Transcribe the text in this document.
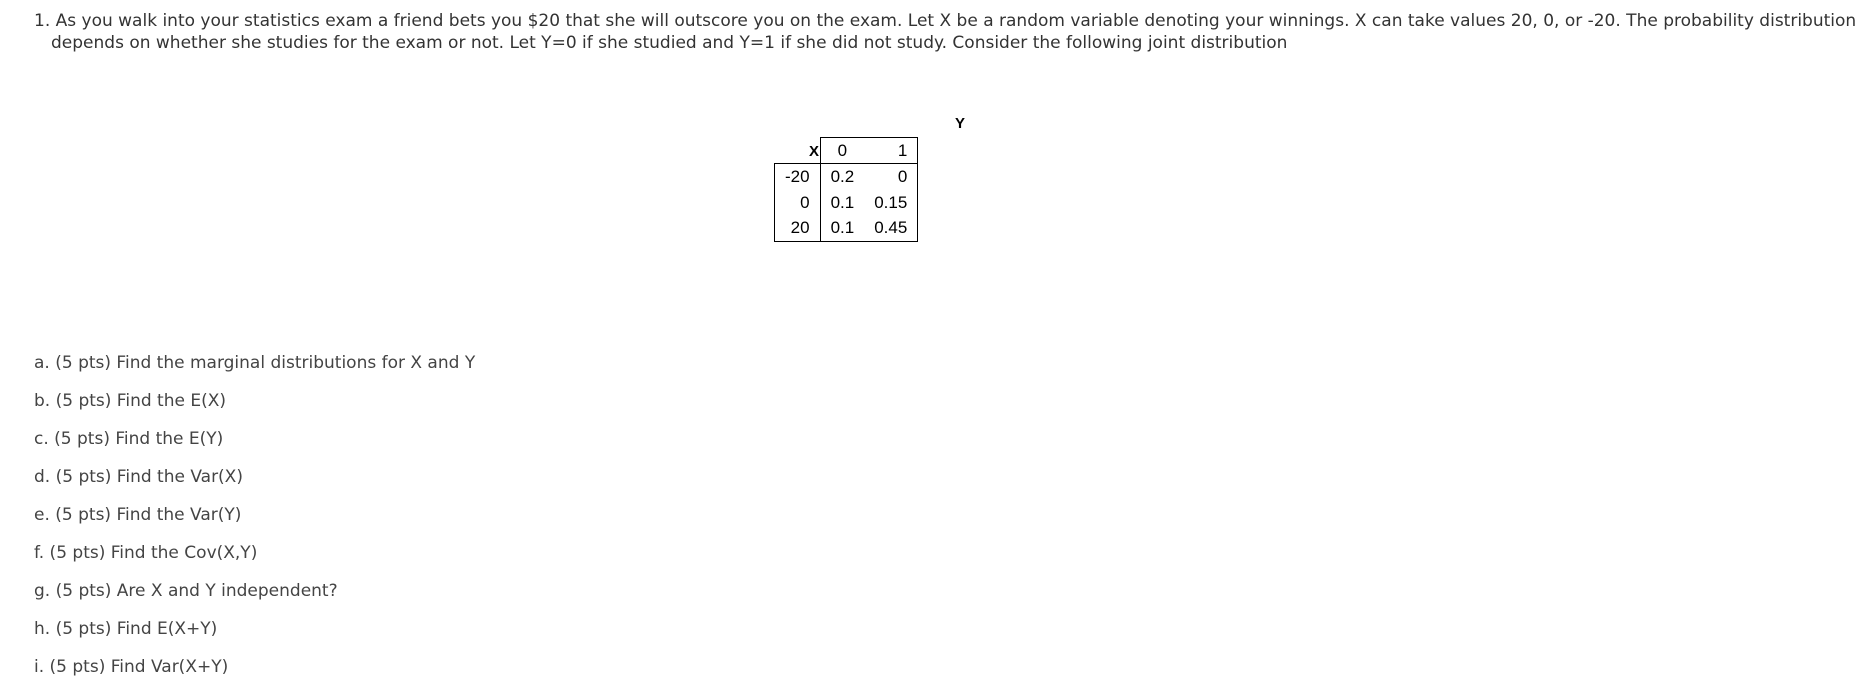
1. As you walk into your statistics exam a friend bets you $20 that she will outscore you on the exam. Let X be a random variable denoting your winnings. X can take values 20, 0, or -20. The probability distribution
depends on whether she studies for the exam or not. Let Y=0 if she studied and Y=1 if she did not study. Consider the following joint distribution
Y
X
	0	1
-20	0.2	0
0	0.1	0.15
20	0.1	0.45
a. (5 pts) Find the marginal distributions for X and Y
b. (5 pts) Find the E(X)
c. (5 pts) Find the E(Y)
d. (5 pts) Find the Var(X)
e. (5 pts) Find the Var(Y)
f. (5 pts) Find the Cov(X,Y)
g. (5 pts) Are X and Y independent?
h. (5 pts) Find E(X+Y)
i. (5 pts) Find Var(X+Y)
